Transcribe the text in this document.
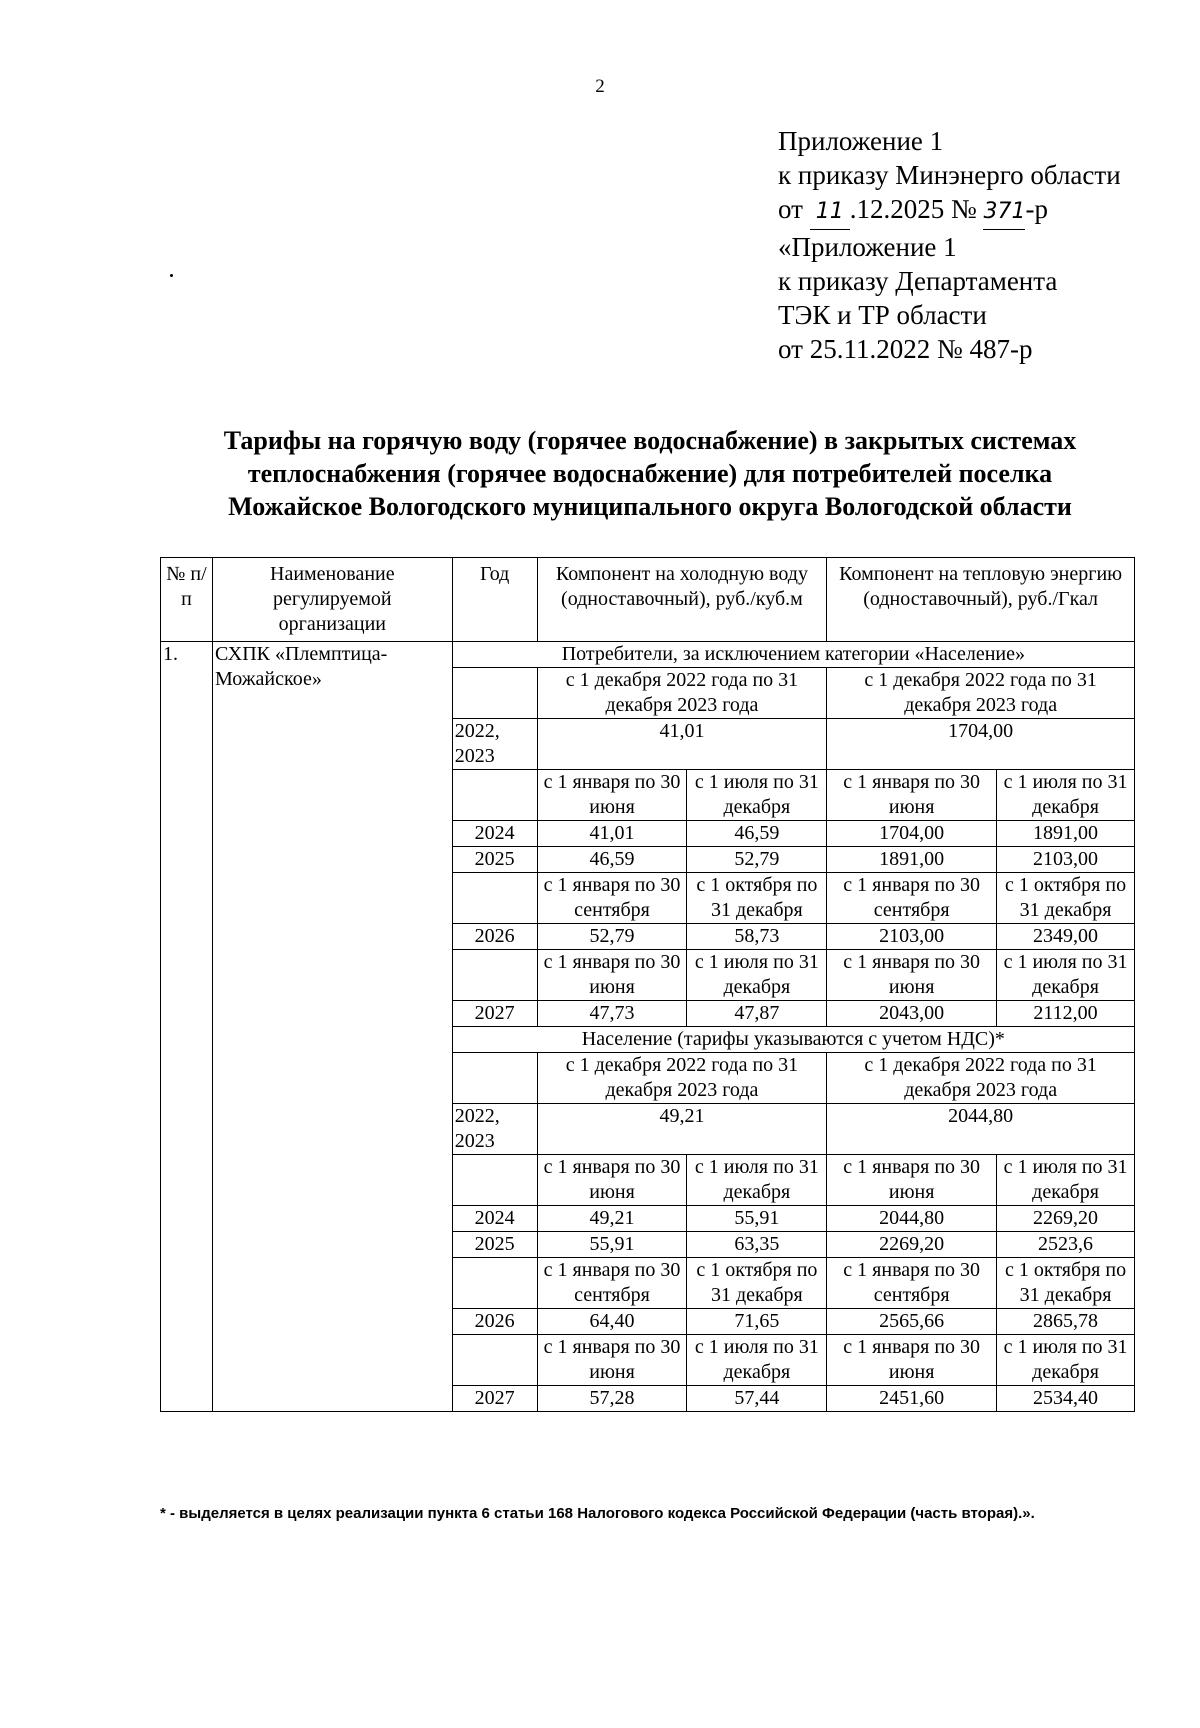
2
Приложение 1
к приказу Минэнерго области
от 11 .12.2025 № 371-р
«Приложение 1
к приказу Департамента
ТЭК и ТР области
от 25.11.2022 № 487-р
Тарифы на горячую воду (горячее водоснабжение) в закрытых системах
теплоснабжения (горячее водоснабжение) для потребителей поселка
Можайское Вологодского муниципального округа Вологодской области
№ п/п	Наименование регулируемой организации	Год	Компонент на холодную воду (одноставочный), руб./куб.м		Компонент на тепловую энергию (одноставочный), руб./Гкал	
1.	СХПК «Племптица-Можайское»	Потребители, за исключением категории «Население»				
			с 1 декабря 2022 года по 31 декабря 2023 года		с 1 декабря 2022 года по 31 декабря 2023 года	
		2022, 2023	41,01		1704,00	
			с 1 января по 30 июня	с 1 июля по 31 декабря	с 1 января по 30 июня	с 1 июля по 31 декабря
		2024	41,01	46,59	1704,00	1891,00
		2025	46,59	52,79	1891,00	2103,00
			с 1 января по 30 сентября	с 1 октября по 31 декабря	с 1 января по 30 сентября	с 1 октября по 31 декабря
		2026	52,79	58,73	2103,00	2349,00
			с 1 января по 30 июня	с 1 июля по 31 декабря	с 1 января по 30 июня	с 1 июля по 31 декабря
		2027	47,73	47,87	2043,00	2112,00
		Население (тарифы указываются с учетом НДС)*				
			с 1 декабря 2022 года по 31 декабря 2023 года		с 1 декабря 2022 года по 31 декабря 2023 года	
		2022, 2023	49,21		2044,80	
			с 1 января по 30 июня	с 1 июля по 31 декабря	с 1 января по 30 июня	с 1 июля по 31 декабря
		2024	49,21	55,91	2044,80	2269,20
		2025	55,91	63,35	2269,20	2523,6
			с 1 января по 30 сентября	с 1 октября по 31 декабря	с 1 января по 30 сентября	с 1 октября по 31 декабря
		2026	64,40	71,65	2565,66	2865,78
			с 1 января по 30 июня	с 1 июля по 31 декабря	с 1 января по 30 июня	с 1 июля по 31 декабря
		2027	57,28	57,44	2451,60	2534,40
* - выделяется в целях реализации пункта 6 статьи 168 Налогового кодекса Российской Федерации (часть вторая).».
